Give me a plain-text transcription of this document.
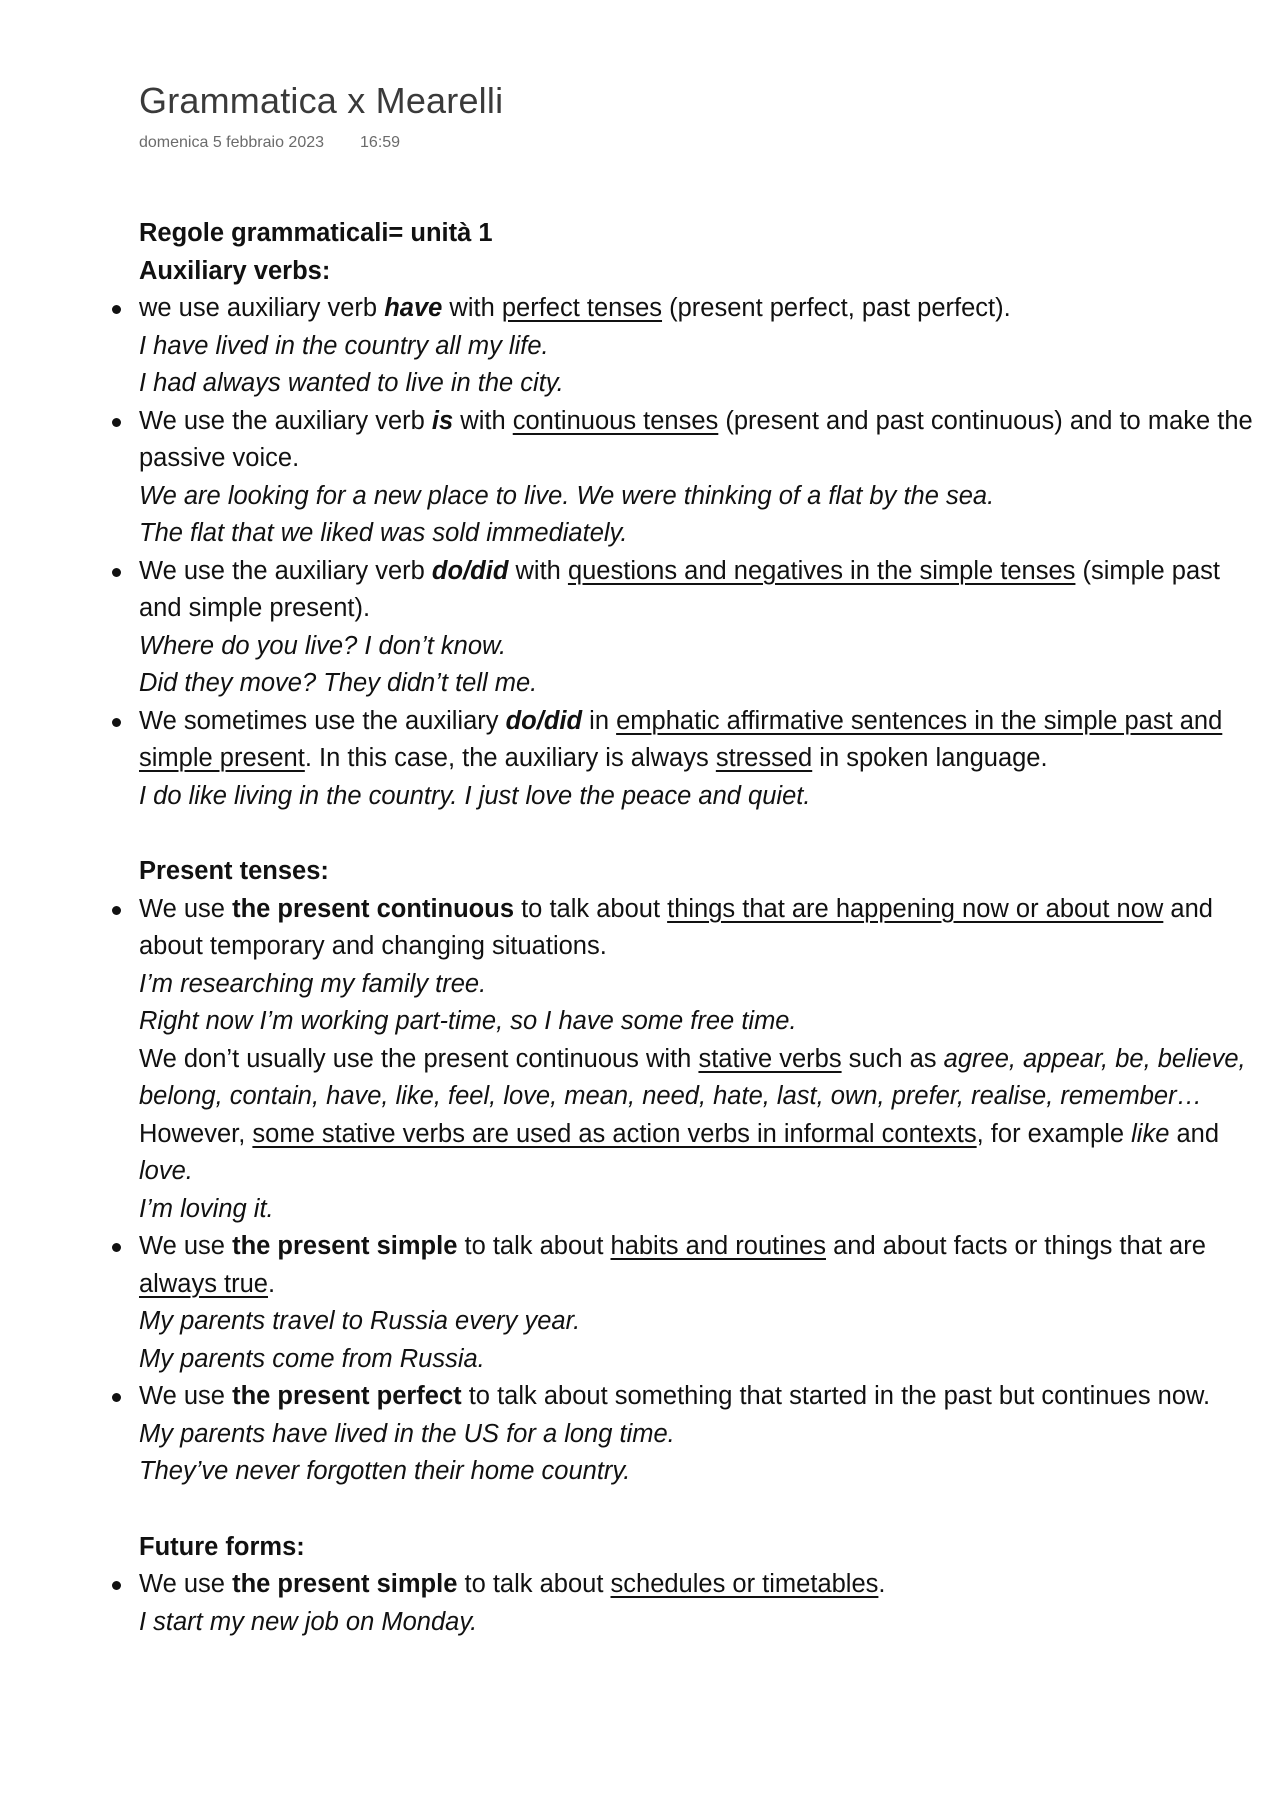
Grammatica x Mearelli
domenica 5 febbraio 2023 16:59
Regole grammaticali= unità 1
Auxiliary verbs:
we use auxiliary verb have with perfect tenses (present perfect, past perfect).
I have lived in the country all my life.
I had always wanted to live in the city.
We use the auxiliary verb is with continuous tenses (present and past continuous) and to make the passive voice.
We are looking for a new place to live. We were thinking of a flat by the sea.
The flat that we liked was sold immediately.
We use the auxiliary verb do/did with questions and negatives in the simple tenses (simple past and simple present).
Where do you live? I don’t know.
Did they move? They didn’t tell me.
We sometimes use the auxiliary do/did in emphatic affirmative sentences in the simple past and simple present. In this case, the auxiliary is always stressed in spoken language.
I do like living in the country. I just love the peace and quiet.
Present tenses:
We use the present continuous to talk about things that are happening now or about now and about temporary and changing situations.
I’m researching my family tree.
Right now I’m working part-time, so I have some free time.
We don’t usually use the present continuous with stative verbs such as agree, appear, be, believe, belong, contain, have, like, feel, love, mean, need, hate, last, own, prefer, realise, remember…
However, some stative verbs are used as action verbs in informal contexts, for example like and love.
I’m loving it.
We use the present simple to talk about habits and routines and about facts or things that are always true.
My parents travel to Russia every year.
My parents come from Russia.
We use the present perfect to talk about something that started in the past but continues now.
My parents have lived in the US for a long time.
They’ve never forgotten their home country.
Future forms:
We use the present simple to talk about schedules or timetables.
I start my new job on Monday.
